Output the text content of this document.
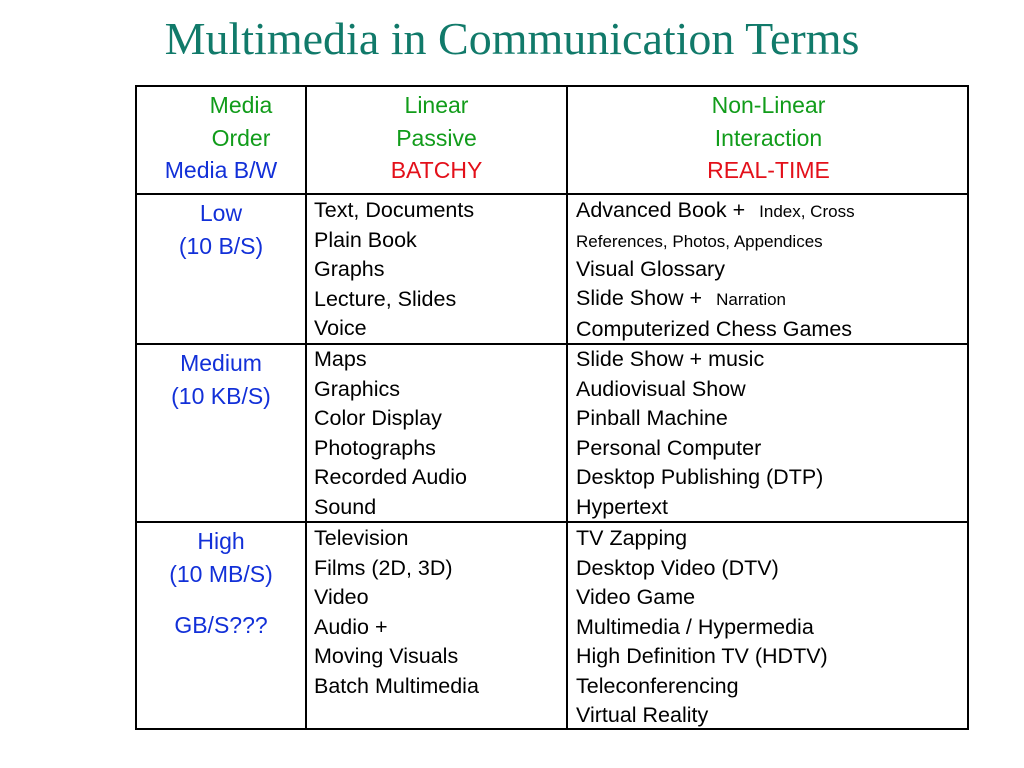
Multimedia in Communication Terms
Media
Order
Media B/W
Linear
Passive
BATCHY
Non-Linear
Interaction
REAL-TIME
Low
(10 B/S)
Text, Documents
Plain Book
Graphs
Lecture, Slides
Voice
Advanced Book + Index, Cross
References, Photos, Appendices
Visual Glossary
Slide Show + Narration
Computerized Chess Games
Medium
(10 KB/S)
Maps
Graphics
Color Display
Photographs
Recorded Audio
Sound
Slide Show + music
Audiovisual Show
Pinball Machine
Personal Computer
Desktop Publishing (DTP)
Hypertext
High
(10 MB/S)
GB/S???
Television
Films (2D, 3D)
Video
Audio +
Moving Visuals
Batch Multimedia
TV Zapping
Desktop Video (DTV)
Video Game
Multimedia / Hypermedia
High Definition TV (HDTV)
Teleconferencing
Virtual Reality
